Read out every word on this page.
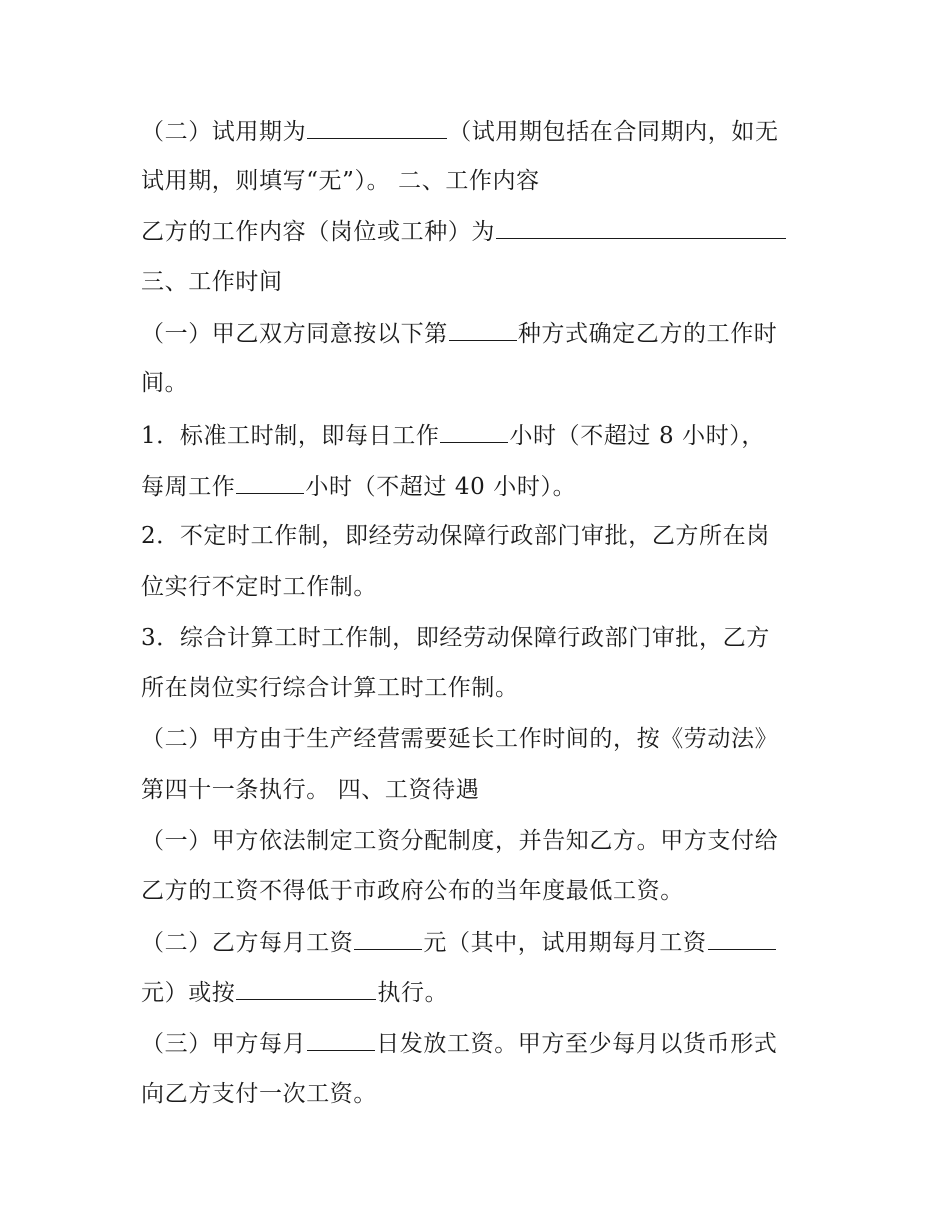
（二）试用期为	（试用期包括在合同期内，如无
试用期，则填写“无”）。 二、工作内容
乙方的工作内容（岗位或工种）为
三、工作时间
（一）甲乙双方同意按以下第	种方式确定乙方的工作时
间。
1．标准工时制，即每日工作	小时（不超过 8 小时），
每周工作	小时（不超过 40 小时）。
2．不定时工作制，即经劳动保障行政部门审批，乙方所在岗
位实行不定时工作制。
3．综合计算工时工作制，即经劳动保障行政部门审批，乙方
所在岗位实行综合计算工时工作制。
（二）甲方由于生产经营需要延长工作时间的，按《劳动法》
第四十一条执行。 四、工资待遇
（一）甲方依法制定工资分配制度，并告知乙方。甲方支付给
乙方的工资不得低于市政府公布的当年度最低工资。
（二）乙方每月工资	元（其中，试用期每月工资
元）或按	执行。
（三）甲方每月	日发放工资。甲方至少每月以货币形式
向乙方支付一次工资。
